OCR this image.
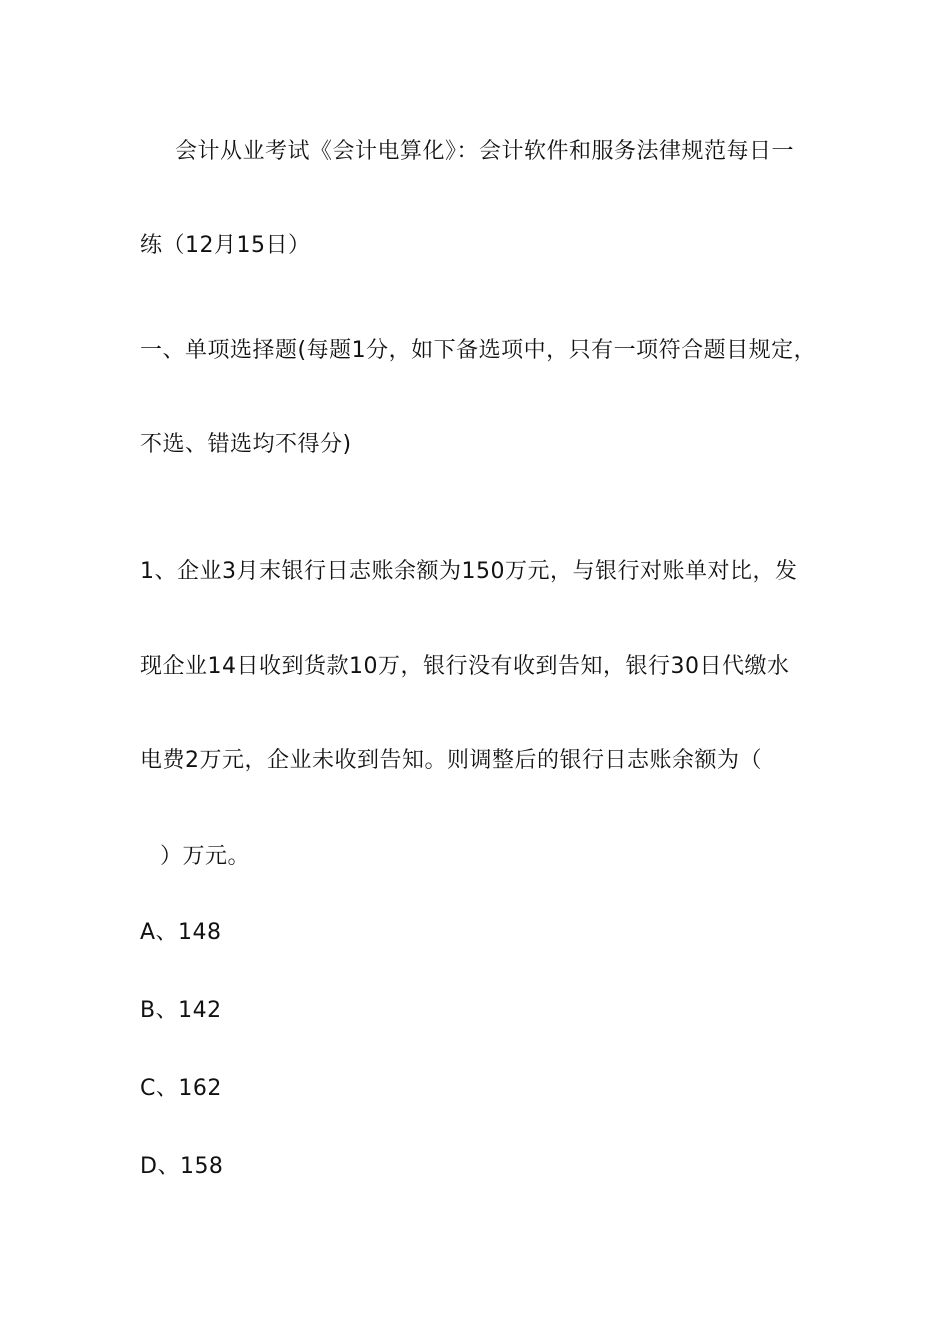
会计从业考试《会计电算化》：会计软件和服务法律规范每日一
练（12月15日）
一、单项选择题(每题1分，如下备选项中，只有一项符合题目规定，
不选、错选均不得分)
1、企业3月末银行日志账余额为150万元，与银行对账单对比，发
现企业14日收到货款10万，银行没有收到告知，银行30日代缴水
电费2万元，企业未收到告知。则调整后的银行日志账余额为（
）万元。
A、148
B、142
C、162
D、158
